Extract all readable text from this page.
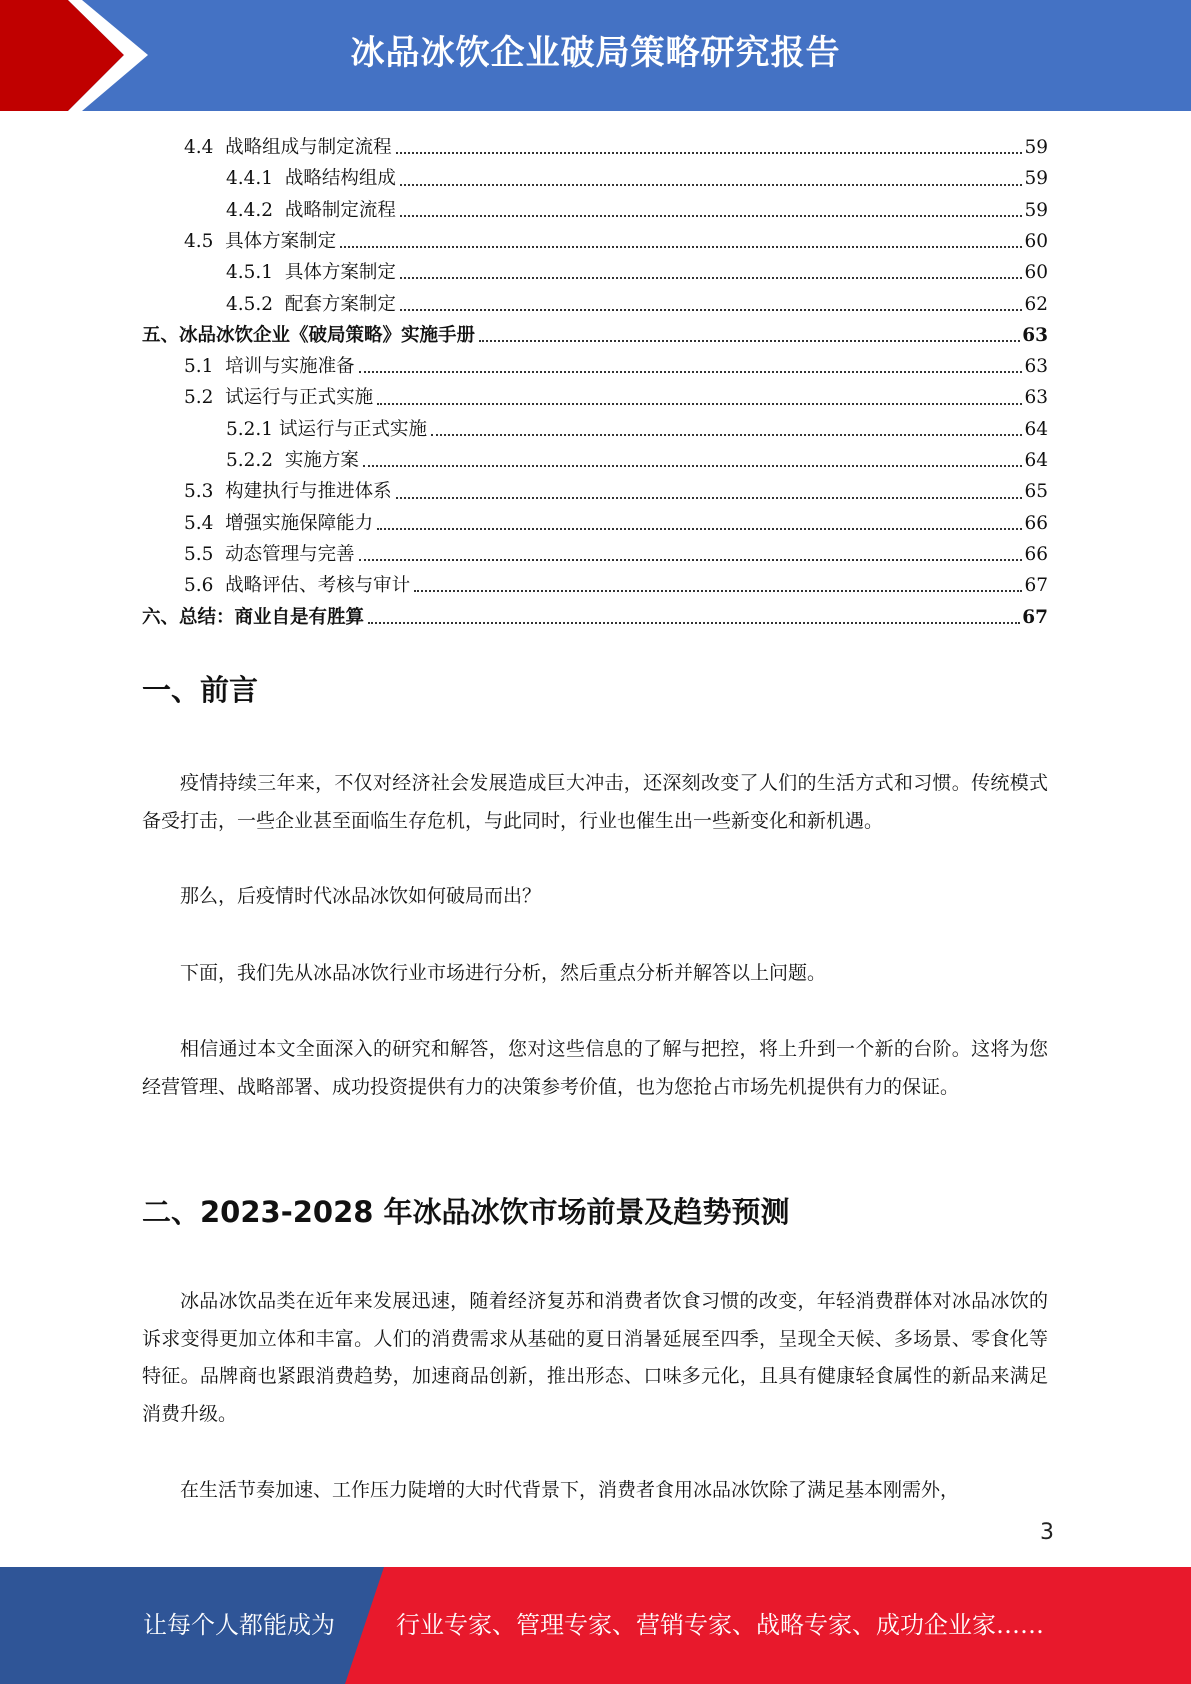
冰品冰饮企业破局策略研究报告
4.4  战略组成与制定流程	59
4.4.1  战略结构组成	59
4.4.2  战略制定流程	59
4.5  具体方案制定	60
4.5.1  具体方案制定	60
4.5.2  配套方案制定	62
五、冰品冰饮企业《破局策略》实施手册	63
5.1  培训与实施准备	63
5.2  试运行与正式实施	63
5.2.1 试运行与正式实施	64
5.2.2  实施方案	64
5.3  构建执行与推进体系	65
5.4  增强实施保障能力	66
5.5  动态管理与完善	66
5.6  战略评估、考核与审计	67
六、总结：商业自是有胜算	67
一、前言

疫情持续三年来，不仅对经济社会发展造成巨大冲击，还深刻改变了人们的生活方式和习惯。传统模式备受打击，一些企业甚至面临生存危机，与此同时，行业也催生出一些新变化和新机遇。

那么，后疫情时代冰品冰饮如何破局而出？

下面，我们先从冰品冰饮行业市场进行分析，然后重点分析并解答以上问题。

相信通过本文全面深入的研究和解答，您对这些信息的了解与把控，将上升到一个新的台阶。这将为您经营管理、战略部署、成功投资提供有力的决策参考价值，也为您抢占市场先机提供有力的保证。

二、2023-2028 年冰品冰饮市场前景及趋势预测

冰品冰饮品类在近年来发展迅速，随着经济复苏和消费者饮食习惯的改变，年轻消费群体对冰品冰饮的诉求变得更加立体和丰富。人们的消费需求从基础的夏日消暑延展至四季，呈现全天候、多场景、零食化等特征。品牌商也紧跟消费趋势，加速商品创新，推出形态、口味多元化，且具有健康轻食属性的新品来满足消费升级。

在生活节奏加速、工作压力陡增的大时代背景下，消费者食用冰品冰饮除了满足基本刚需外，

3
让每个人都能成为	行业专家、管理专家、营销专家、战略专家、成功企业家……
